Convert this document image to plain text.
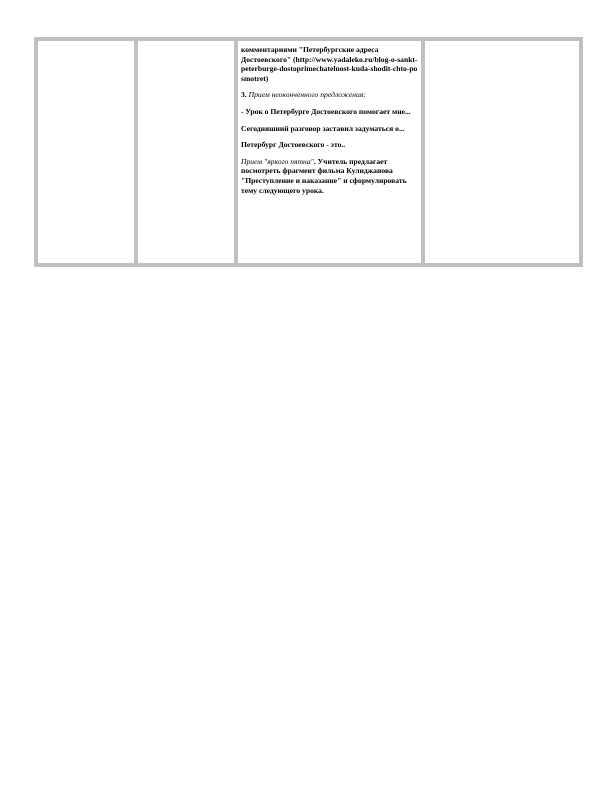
комментариями "Петербургские адреса Достоевского" (http://www.yadaleko.ru/blog-o-sankt-peterburge-dostoprimechatelnost-kuda-shodit-chto-posmotret)

3. Прием неоконченного предложения:

- Урок о Петербурге Достоевского помогает мне...

Сегодняшний разговор заставил задуматься о...

Петербург Достоевского - это..

Прием "яркого пятна". Учитель предлагает посмотреть фрагмент фильма Кулиджанова "Преступление и наказание" и сформулировать тему следующего урока.
